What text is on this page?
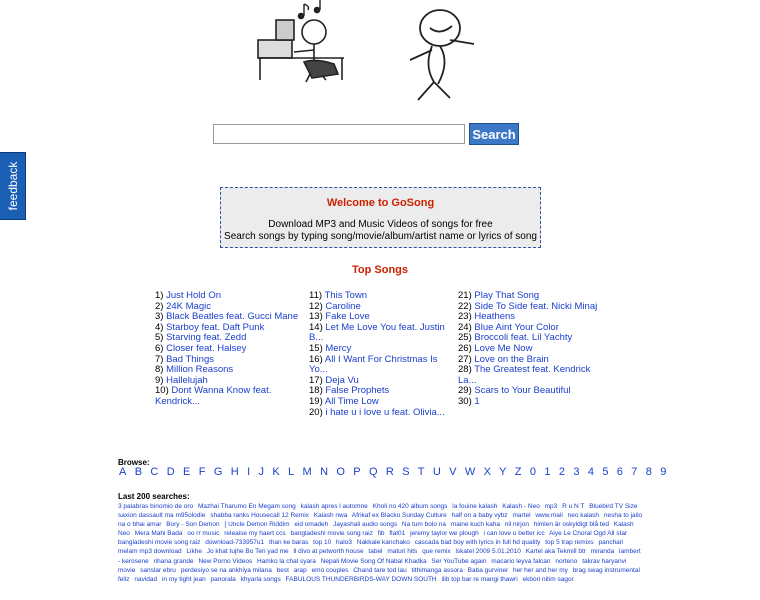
feedback
Search
Welcome to GoSong

Download MP3 and Music Videos of songs for free
Search songs by typing song/movie/album/artist name or lyrics of song

Top Songs
1) Just Hold On
2) 24K Magic
3) Black Beatles feat. Gucci Mane
4) Starboy feat. Daft Punk
5) Starving feat. Zedd
6) Closer feat. Halsey
7) Bad Things
8) Million Reasons
9) Hallelujah
10) Dont Wanna Know feat. Kendrick...
11) This Town
12) Caroline
13) Fake Love
14) Let Me Love You feat. Justin B...
15) Mercy
16) All I Want For Christmas Is Yo...
17) Deja Vu
18) False Prophets
19) All Time Low
20) i hate u i love u feat. Olivia...
21) Play That Song
22) Side To Side feat. Nicki Minaj
23) Heathens
24) Blue Aint Your Color
25) Broccoli feat. Lil Yachty
26) Love Me Now
27) Love on the Brain
28) The Greatest feat. Kendrick La...
29) Scars to Your Beautiful
30) 1
Browse:
A B C D E F G H I J K L M N O P Q R S T U V W X Y Z 0 1 2 3 4 5 6 7 8 9
Last 200 searches:
3 palabras binomio de oro Mazhai Tharumo En Megam song kalash apres l automne Kholi no 420 album songs la fouine kalash Kalash - Neo mp3 R u N T Bluebird TV Size saxion dassault ma m95olodie shabba ranks Housecall 12 Remix Kalash nwa Afrikaf ex Blacko Sunday Culture half on a baby vybz martel www.mail neo kalash nesha to jailo na o bhai amar Bory - Son Demon [ Uncle Demon Riddim eid omadeh Jayashali audio songs Na tum bolo na maine kuch kaha nil nirjon himlen är oskyldigt blå ted Kalash Neo Mera Mahi Bada oo rr music releaise my haert ccs bangladeshi movie song raiz fib flat01 jeremy taylor we plough i can love u better icc Aiye Le Choral Ogd All star bangladeshi movie song raiz download-733957u1 than ke baras top 10 halo3 Nakkale kanchako cascada bad boy with lyrics in full hd quality top 5 trap remixs panchari melam mp3 download Likhe Jo khat tujhe Bo Teri yad me ll divo at petworth house tabel maturi hits que remix lskatel 2009 5.01.2010 Kartel aka Tekmill btr miranda lambert - kerosene rihana grande New Porno Videos Hamko la chal syara Nepali Movie Song Of Nabal Khadka Ser YouTube again macario leyva falcan norteno takrav haryanvi movie sanslar ebru perdesiyo se na ankhiya milana best arap emo couples Chand tare tod lau tithimanga assora Baba gurviner her her and her my brag swag instrumental feliz navidad in my tight jean panorala khyarla songs FABULOUS THUNDERBIRDS-WAY DOWN SOUTH ilib top bar re mangi thawri ekbori nitim sagor
